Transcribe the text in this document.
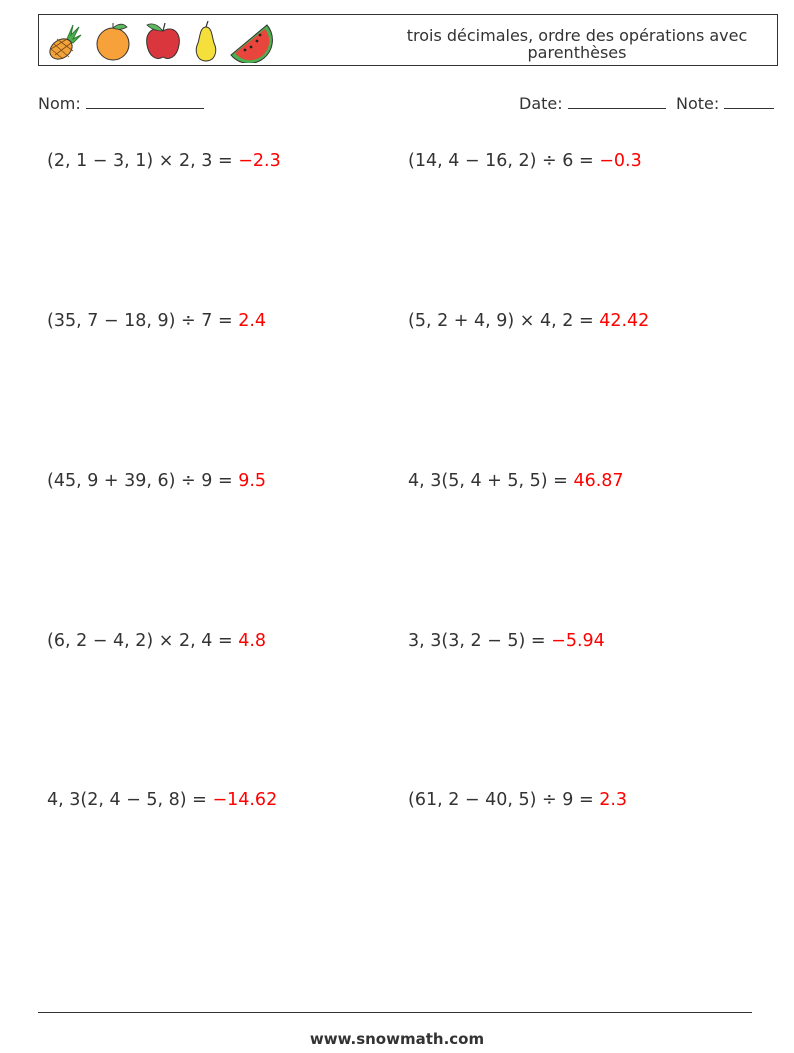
trois décimales, ordre des opérations avec parenthèses
Nom:	Date:	Note:
(2, 1 − 3, 1) × 2, 3 = −2.3	(14, 4 − 16, 2) ÷ 6 = −0.3
(35, 7 − 18, 9) ÷ 7 = 2.4	(5, 2 + 4, 9) × 4, 2 = 42.42
(45, 9 + 39, 6) ÷ 9 = 9.5	4, 3(5, 4 + 5, 5) = 46.87
(6, 2 − 4, 2) × 2, 4 = 4.8	3, 3(3, 2 − 5) = −5.94
4, 3(2, 4 − 5, 8) = −14.62	(61, 2 − 40, 5) ÷ 9 = 2.3
www.snowmath.com
